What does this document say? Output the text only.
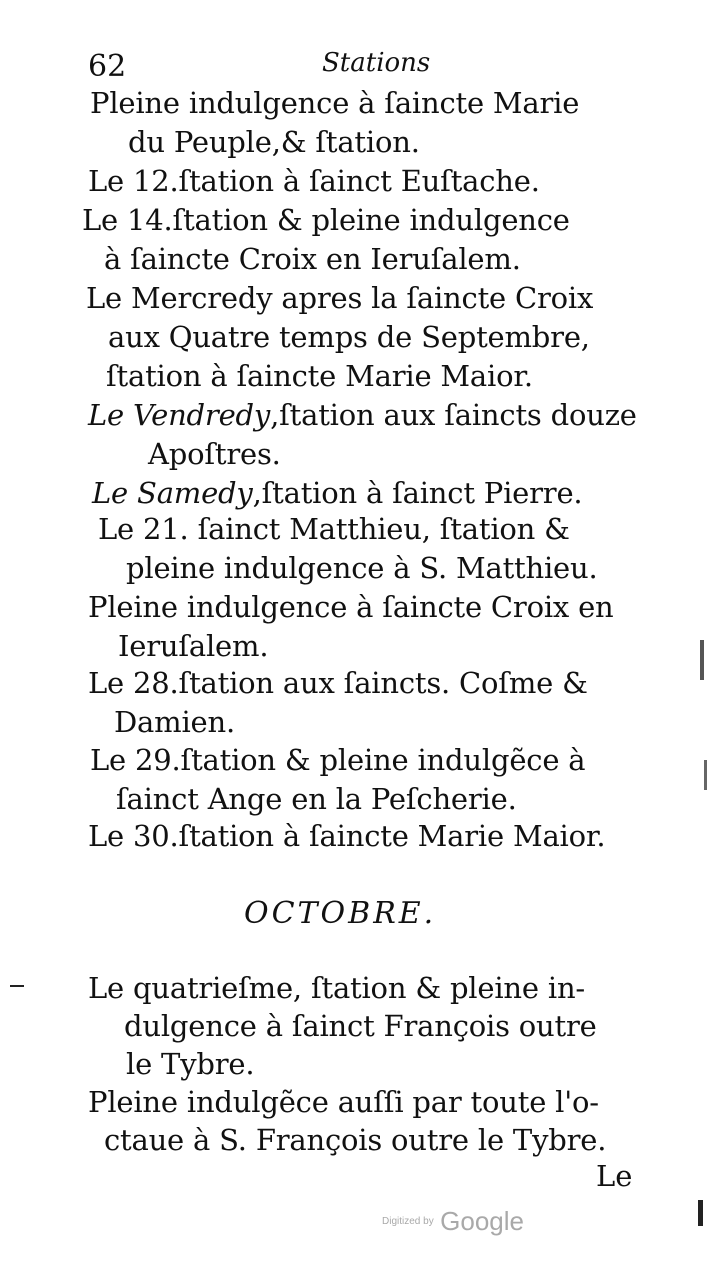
62	Stations
Pleine indulgence à ſaincte Marie
du Peuple,& ſtation.
Le 12.ſtation à ſainct Euſtache.
Le 14.ſtation & pleine indulgence
à ſaincte Croix en Ieruſalem.
Le Mercredy apres la ſaincte Croix
aux Quatre temps de Septembre,
ſtation à ſaincte Marie Maior.
Le Vendredy,ſtation aux ſaincts douze
Apoſtres.
Le Samedy,ſtation à ſainct Pierre.
Le 21. ſainct Matthieu, ſtation &
pleine indulgence à S. Matthieu.
Pleine indulgence à ſaincte Croix en
Ieruſalem.
Le 28.ſtation aux ſaincts. Coſme &
Damien.
Le 29.ſtation & pleine indulgẽce à
ſainct Ange en la Peſcherie.
Le 30.ſtation à ſaincte Marie Maior.
OCTOBRE.
Le quatrieſme, ſtation & pleine in-
dulgence à ſainct François outre
le Tybre.
Pleine indulgẽce auſſi par toute l'o-
ctaue à S. François outre le Tybre.
Le
Digitized by Google
